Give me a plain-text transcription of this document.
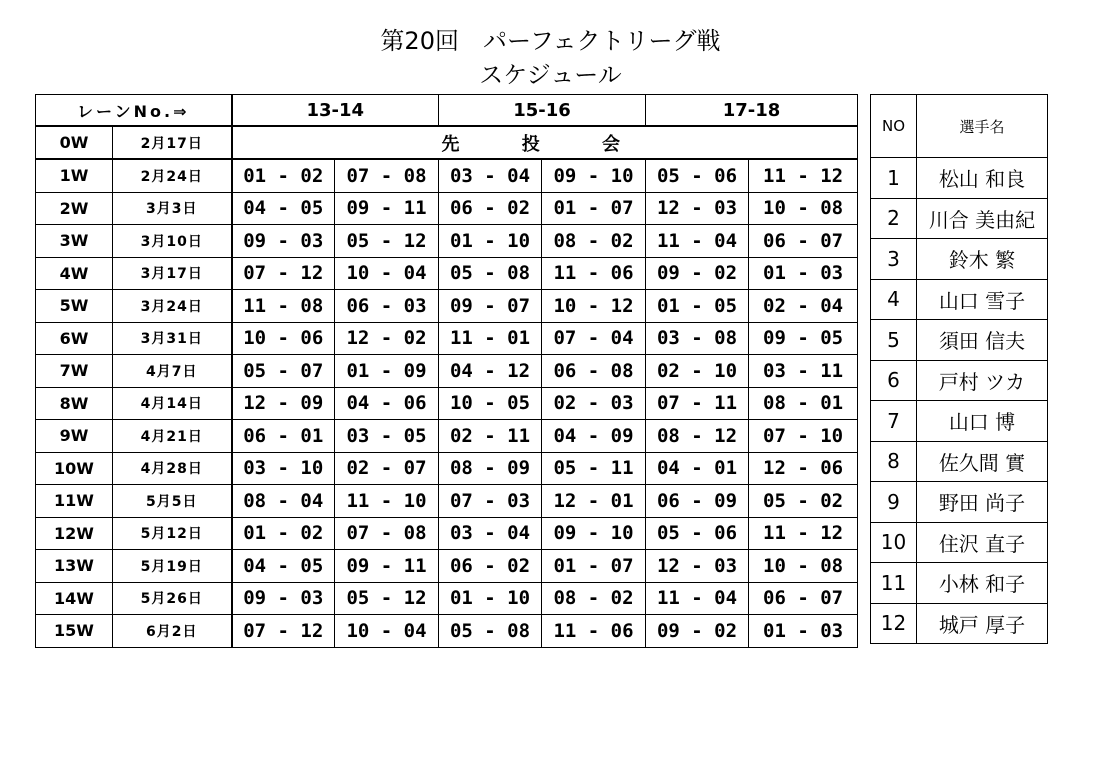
第20回　パーフェクトリーグ戦
スケジュール
レーンNo.⇒		13-14		15-16		17-18	
0W	2月17日	先 投 会					
1W	2月24日	01 - 02	07 - 08	03 - 04	09 - 10	05 - 06	11 - 12
2W	3月3日	04 - 05	09 - 11	06 - 02	01 - 07	12 - 03	10 - 08
3W	3月10日	09 - 03	05 - 12	01 - 10	08 - 02	11 - 04	06 - 07
4W	3月17日	07 - 12	10 - 04	05 - 08	11 - 06	09 - 02	01 - 03
5W	3月24日	11 - 08	06 - 03	09 - 07	10 - 12	01 - 05	02 - 04
6W	3月31日	10 - 06	12 - 02	11 - 01	07 - 04	03 - 08	09 - 05
7W	4月7日	05 - 07	01 - 09	04 - 12	06 - 08	02 - 10	03 - 11
8W	4月14日	12 - 09	04 - 06	10 - 05	02 - 03	07 - 11	08 - 01
9W	4月21日	06 - 01	03 - 05	02 - 11	04 - 09	08 - 12	07 - 10
10W	4月28日	03 - 10	02 - 07	08 - 09	05 - 11	04 - 01	12 - 06
11W	5月5日	08 - 04	11 - 10	07 - 03	12 - 01	06 - 09	05 - 02
12W	5月12日	01 - 02	07 - 08	03 - 04	09 - 10	05 - 06	11 - 12
13W	5月19日	04 - 05	09 - 11	06 - 02	01 - 07	12 - 03	10 - 08
14W	5月26日	09 - 03	05 - 12	01 - 10	08 - 02	11 - 04	06 - 07
15W	6月2日	07 - 12	10 - 04	05 - 08	11 - 06	09 - 02	01 - 03
NO	選手名
1	松山 和良
2	川合 美由紀
3	鈴木 繁
4	山口 雪子
5	須田 信夫
6	戸村 ツカ
7	山口 博
8	佐久間 實
9	野田 尚子
10	住沢 直子
11	小林 和子
12	城戸 厚子
